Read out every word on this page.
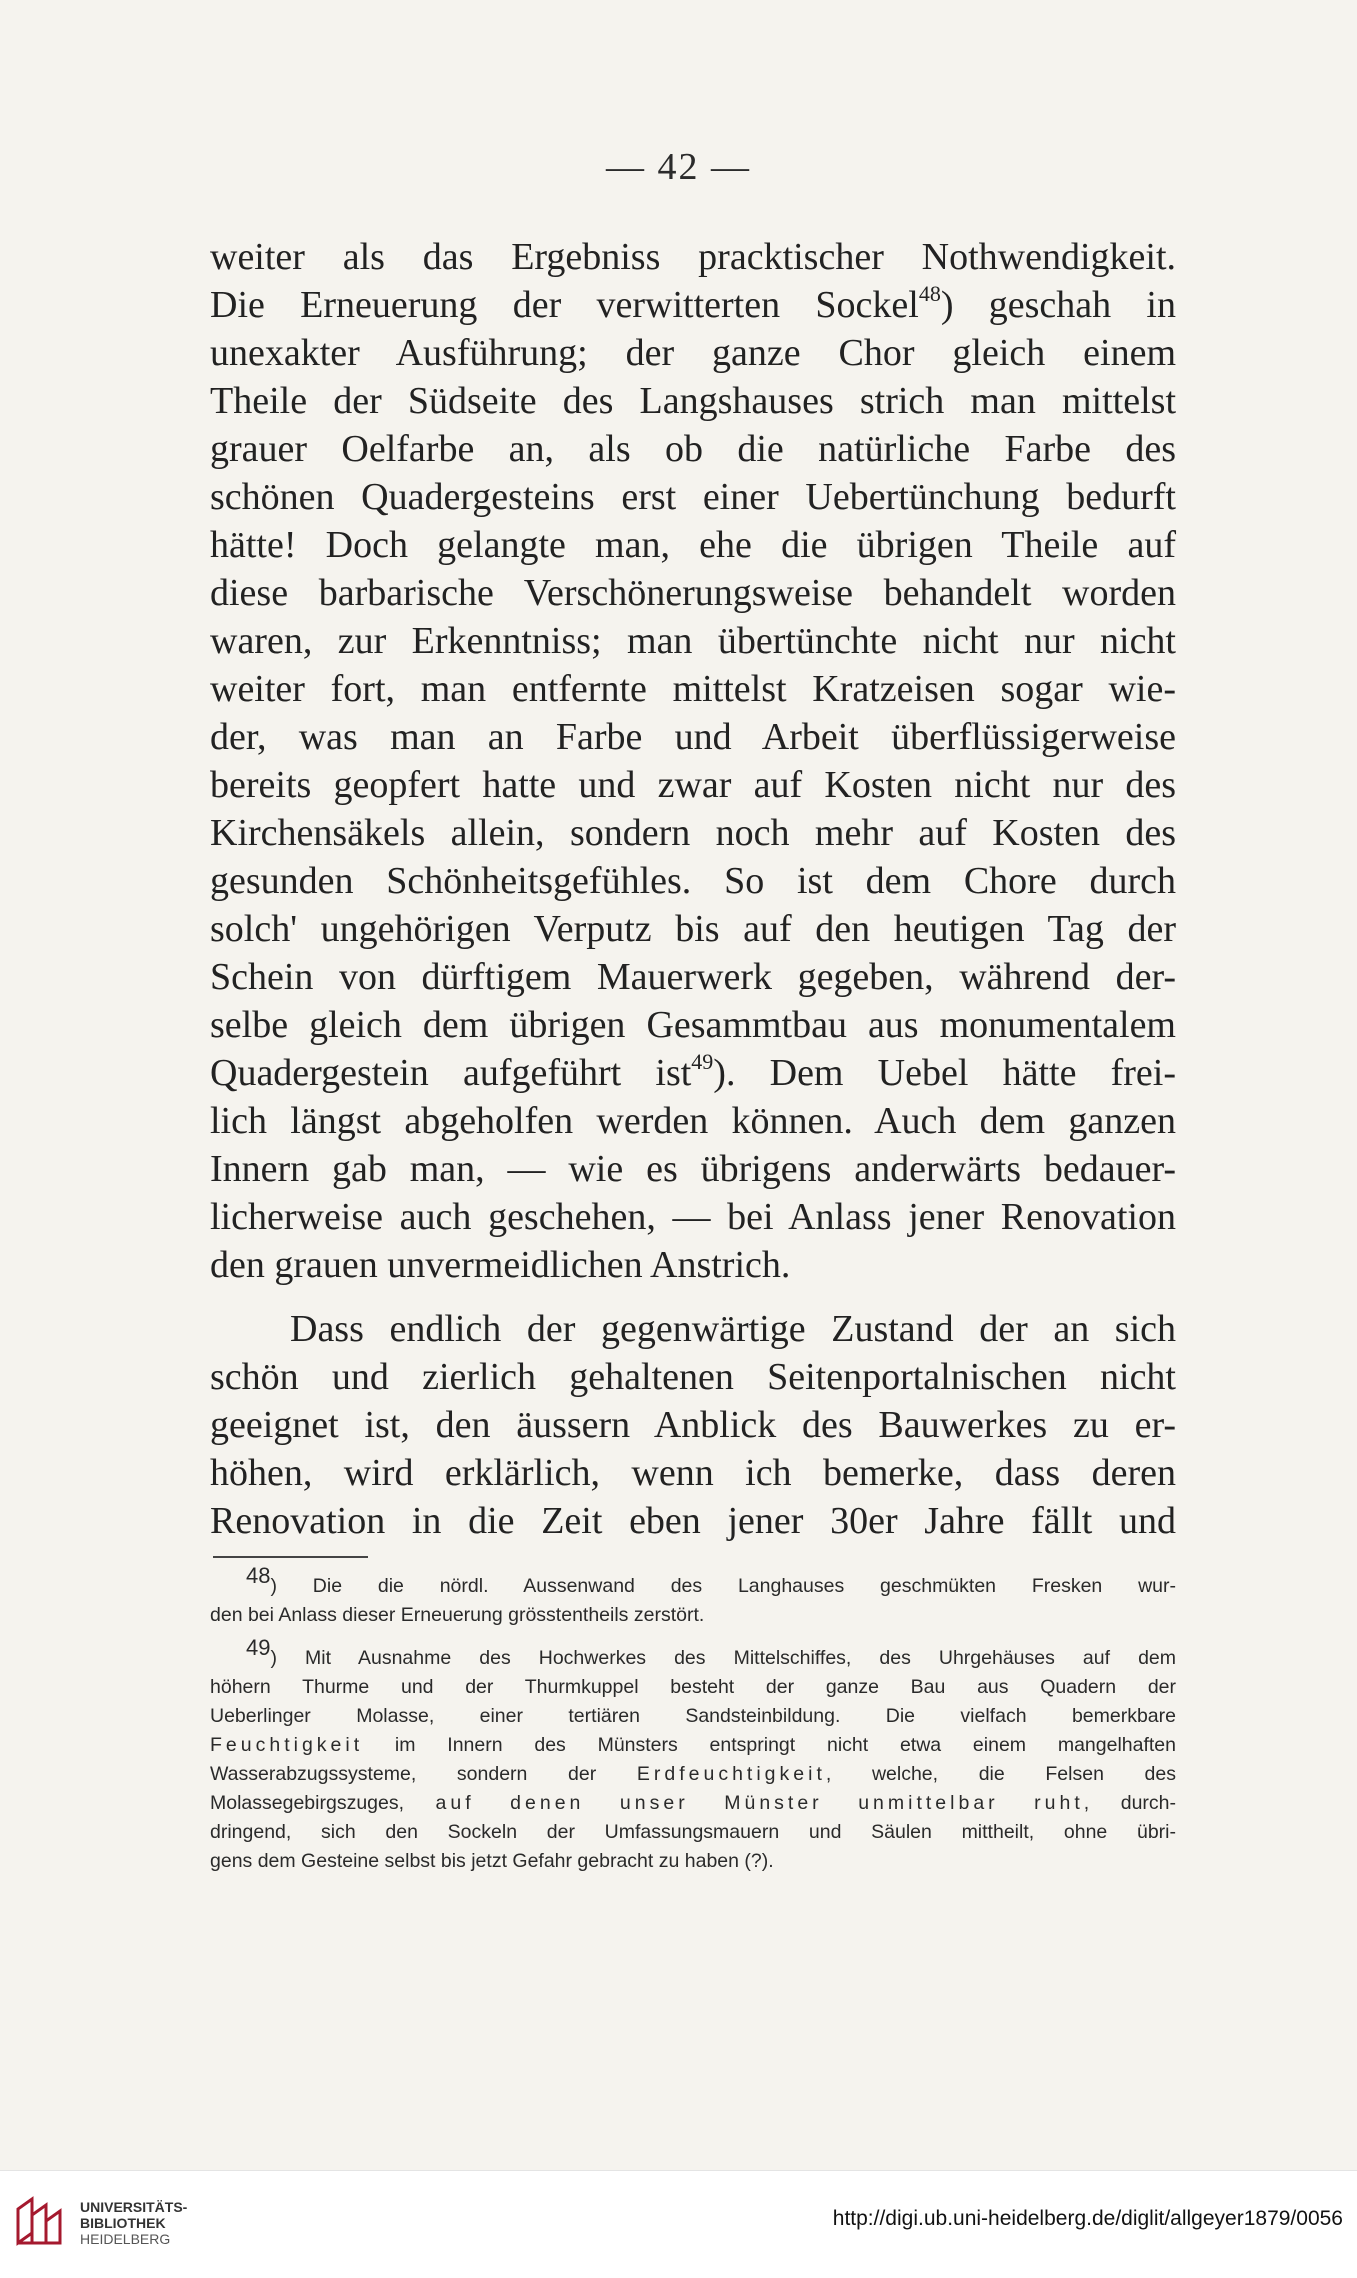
— 42 —
weiter als das Ergebniss pracktischer Nothwendigkeit.
Die Erneuerung der verwitterten Sockel$^{48}$) geschah in
unexakter Ausführung; der ganze Chor gleich einem
Theile der Südseite des Langshauses strich man mittelst
grauer Oelfarbe an, als ob die natürliche Farbe des
schönen Quadergesteins erst einer Uebertünchung bedurft
hätte! Doch gelangte man, ehe die übrigen Theile auf
diese barbarische Verschönerungsweise behandelt worden
waren, zur Erkenntniss; man übertünchte nicht nur nicht
weiter fort, man entfernte mittelst Kratzeisen sogar wie-
der, was man an Farbe und Arbeit überflüssigerweise
bereits geopfert hatte und zwar auf Kosten nicht nur des
Kirchensäkels allein, sondern noch mehr auf Kosten des
gesunden Schönheitsgefühles. So ist dem Chore durch
solch' ungehörigen Verputz bis auf den heutigen Tag der
Schein von dürftigem Mauerwerk gegeben, während der-
selbe gleich dem übrigen Gesammtbau aus monumentalem
Quadergestein aufgeführt ist$^{49}$). Dem Uebel hätte frei-
lich längst abgeholfen werden können. Auch dem ganzen
Innern gab man, — wie es übrigens anderwärts bedauer-
licherweise auch geschehen, — bei Anlass jener Renovation
den grauen unvermeidlichen Anstrich.
Dass endlich der gegenwärtige Zustand der an sich
schön und zierlich gehaltenen Seitenportalnischen nicht
geeignet ist, den äussern Anblick des Bauwerkes zu er-
höhen, wird erklärlich, wenn ich bemerke, dass deren
Renovation in die Zeit eben jener 30er Jahre fällt und
$^{48}$) Die die nördl. Aussenwand des Langhauses geschmükten Fresken wur-
den bei Anlass dieser Erneuerung grösstentheils zerstört.
$^{49}$) Mit Ausnahme des Hochwerkes des Mittelschiffes, des Uhrgehäuses auf dem
höhern Thurme und der Thurmkuppel besteht der ganze Bau aus Quadern der
Ueberlinger Molasse, einer tertiären Sandsteinbildung. Die vielfach bemerkbare
Feuchtigkeit im Innern des Münsters entspringt nicht etwa einem mangelhaften
Wasserabzugssysteme, sondern der Erdfeuchtigkeit, welche, die Felsen des
Molassegebirgszuges, auf denen unser Münster unmittelbar ruht, durch-
dringend, sich den Sockeln der Umfassungsmauern und Säulen mittheilt, ohne übri-
gens dem Gesteine selbst bis jetzt Gefahr gebracht zu haben (?).
UNIVERSITÄTS-
BIBLIOTHEK
HEIDELBERG
http://digi.ub.uni-heidelberg.de/diglit/allgeyer1879/0056
